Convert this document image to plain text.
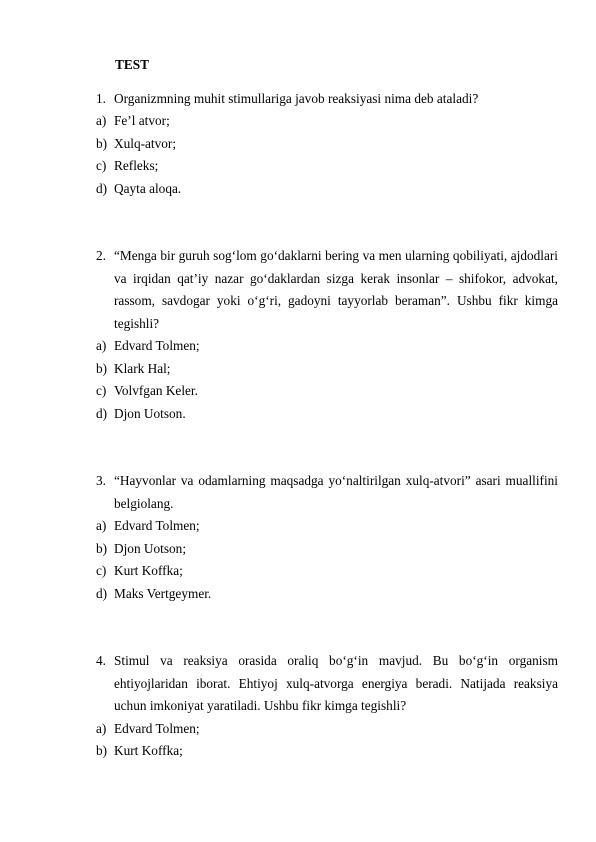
TEST
1. Organizmning muhit stimullariga javob reaksiyasi nima deb ataladi?
a) Fe’l atvor;
b) Xulq-atvor;
c) Refleks;
d) Qayta aloqa.
2. “Menga bir guruh sog‘lom go‘daklarni bering va men ularning qobiliyati, ajdodlari va irqidan qat’iy nazar go‘daklardan sizga kerak insonlar – shifokor, advokat, rassom, savdogar yoki o‘g‘ri, gadoyni tayyorlab beraman”. Ushbu fikr kimga tegishli?
a) Edvard Tolmen;
b) Klark Hal;
c) Volvfgan Keler.
d) Djon Uotson.
3. “Hayvonlar va odamlarning maqsadga yo‘naltirilgan xulq-atvori” asari muallifini belgiolang.
a) Edvard Tolmen;
b) Djon Uotson;
c) Kurt Koffka;
d) Maks Vertgeymer.
4. Stimul va reaksiya orasida oraliq bo‘g‘in mavjud. Bu bo‘g‘in organism ehtiyojlaridan iborat. Ehtiyoj xulq-atvorga energiya beradi. Natijada reaksiya uchun imkoniyat yaratiladi. Ushbu fikr kimga tegishli?
a) Edvard Tolmen;
b) Kurt Koffka;
